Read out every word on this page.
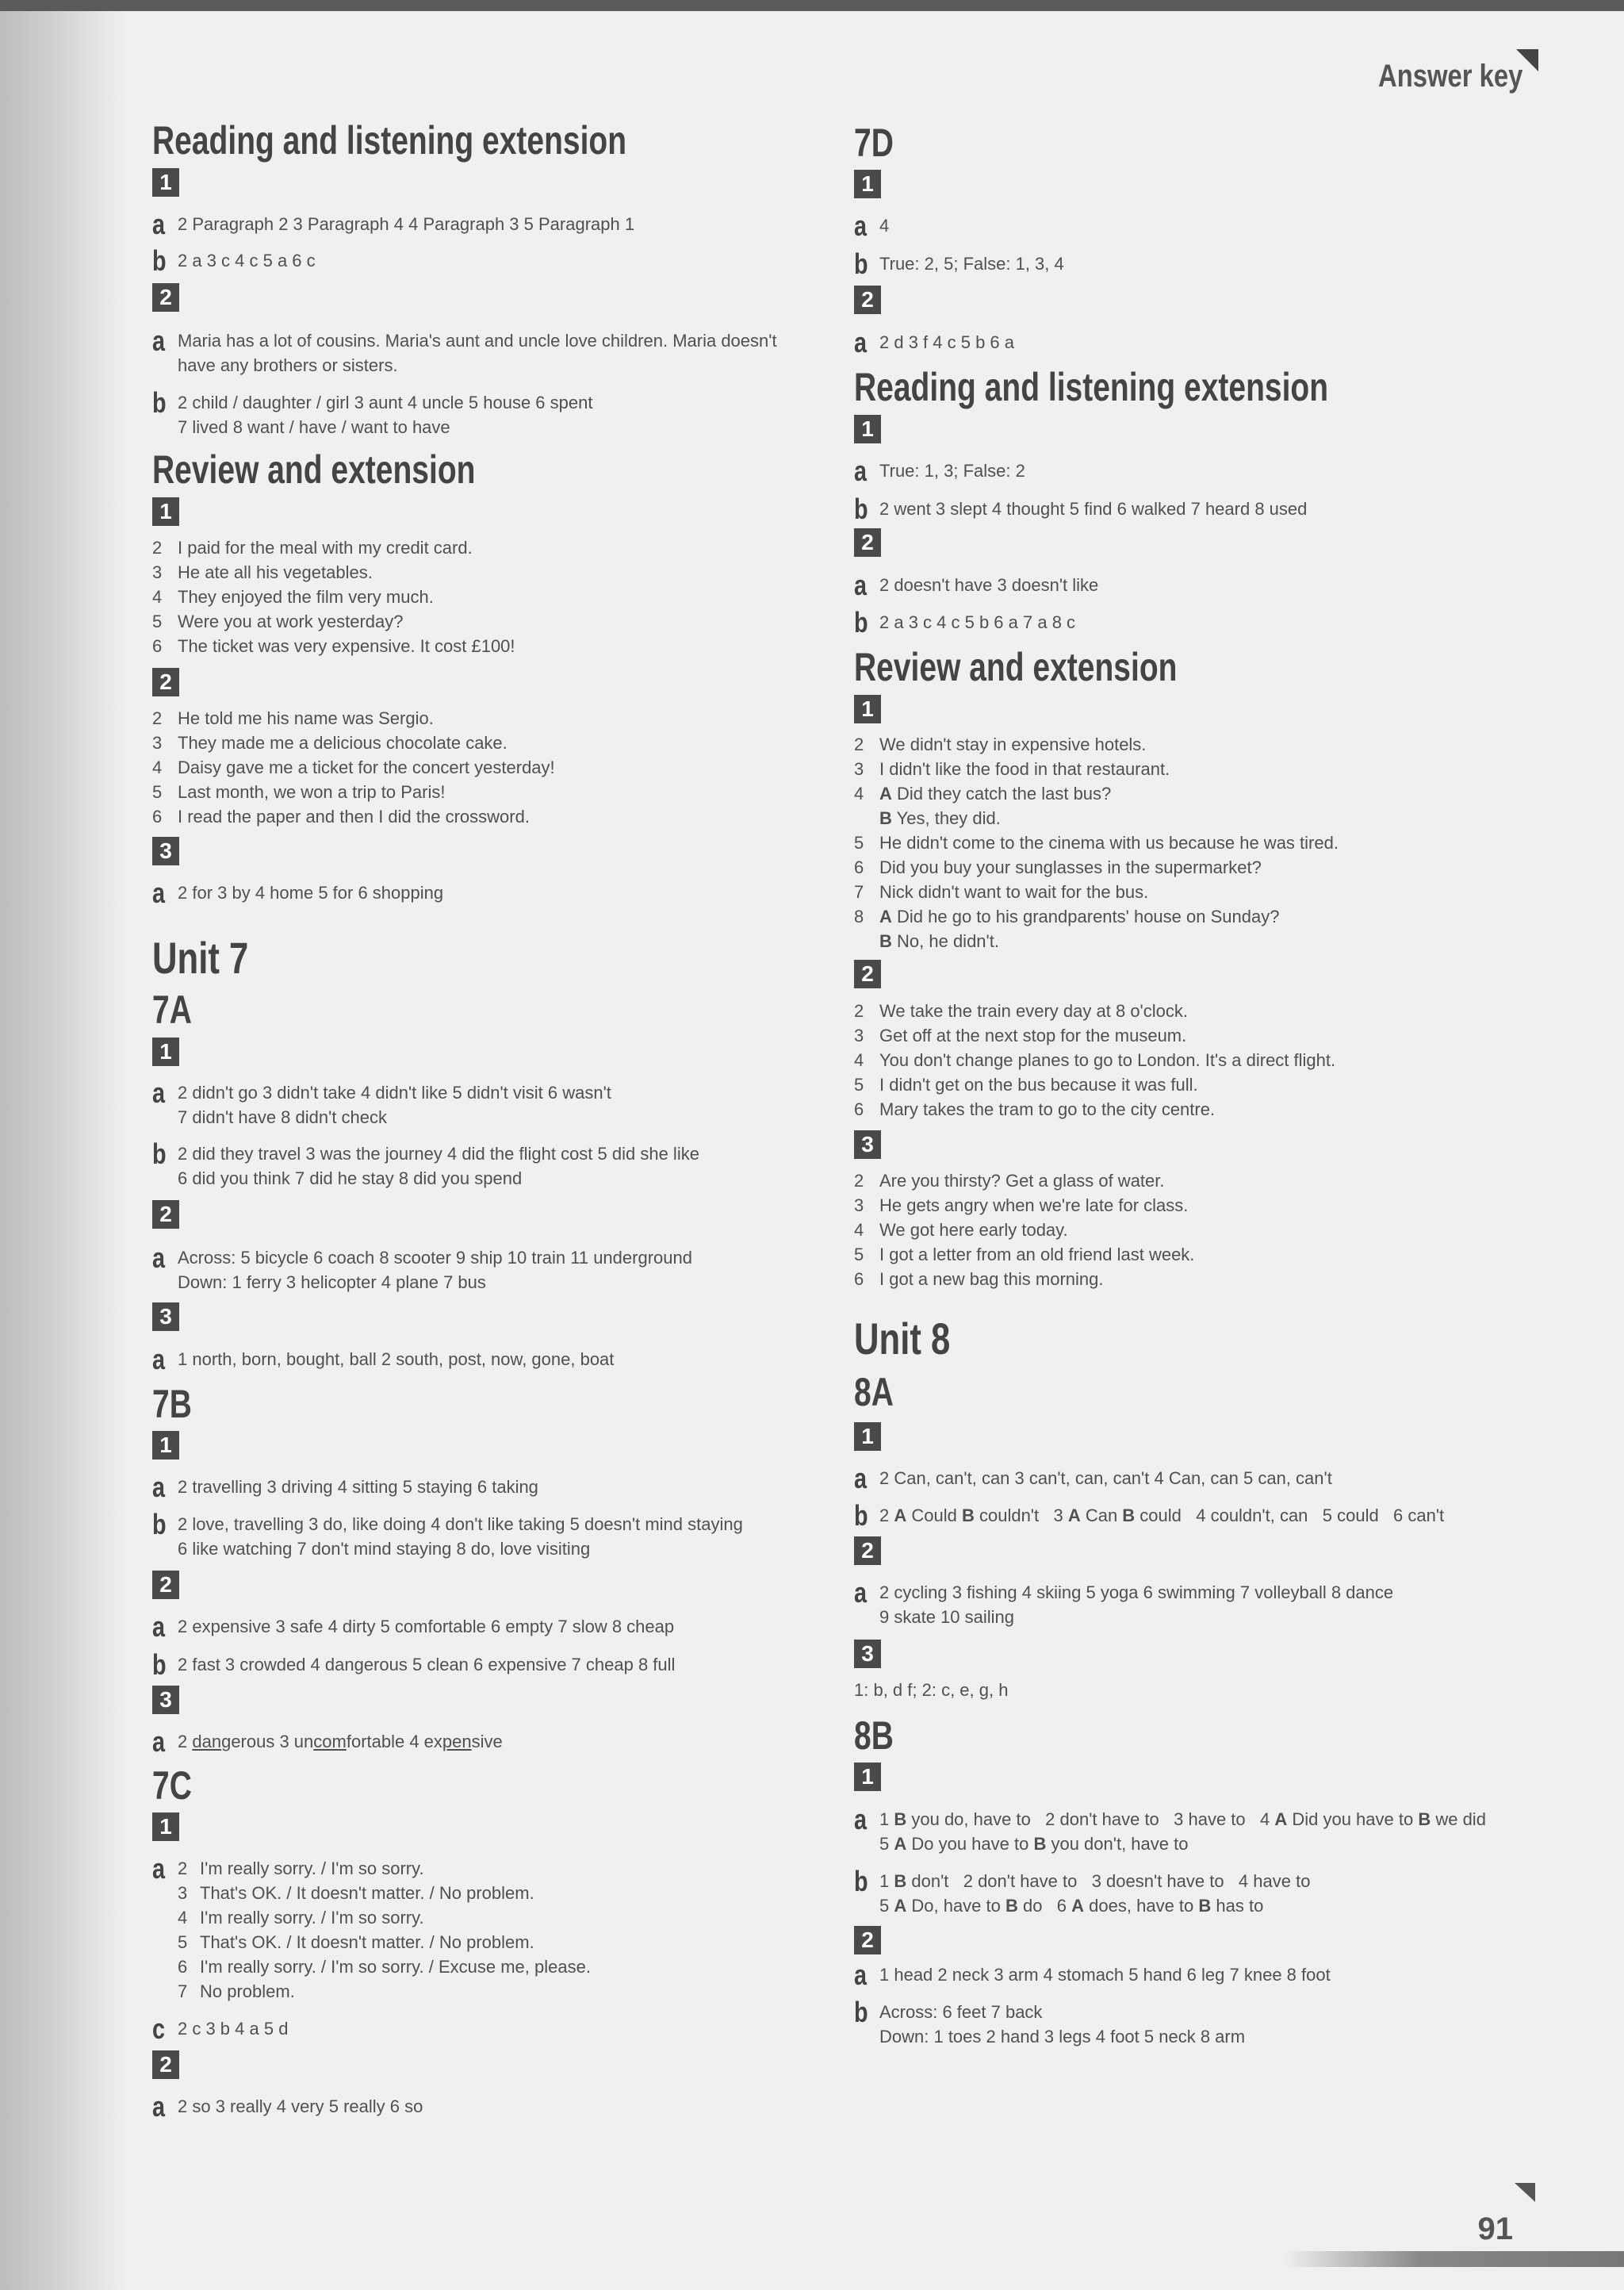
Answer key
Reading and listening extension
1
a 2 Paragraph 2 3 Paragraph 4 4 Paragraph 3 5 Paragraph 1
b 2 a 3 c 4 c 5 a 6 c
2
a Maria has a lot of cousins. Maria's aunt and uncle love children. Maria doesn't
have any brothers or sisters.
b 2 child / daughter / girl 3 aunt 4 uncle 5 house 6 spent
7 lived 8 want / have / want to have
Review and extension
1
2 I paid for the meal with my credit card.
3 He ate all his vegetables.
4 They enjoyed the film very much.
5 Were you at work yesterday?
6 The ticket was very expensive. It cost £100!
2
2 He told me his name was Sergio.
3 They made me a delicious chocolate cake.
4 Daisy gave me a ticket for the concert yesterday!
5 Last month, we won a trip to Paris!
6 I read the paper and then I did the crossword.
3
a 2 for 3 by 4 home 5 for 6 shopping
Unit 7
7A
1
a 2 didn't go 3 didn't take 4 didn't like 5 didn't visit 6 wasn't
7 didn't have 8 didn't check
b 2 did they travel 3 was the journey 4 did the flight cost 5 did she like
6 did you think 7 did he stay 8 did you spend
2
a Across: 5 bicycle 6 coach 8 scooter 9 ship 10 train 11 underground
Down: 1 ferry 3 helicopter 4 plane 7 bus
3
a 1 north, born, bought, ball 2 south, post, now, gone, boat
7B
1
a 2 travelling 3 driving 4 sitting 5 staying 6 taking
b 2 love, travelling 3 do, like doing 4 don't like taking 5 doesn't mind staying
6 like watching 7 don't mind staying 8 do, love visiting
2
a 2 expensive 3 safe 4 dirty 5 comfortable 6 empty 7 slow 8 cheap
b 2 fast 3 crowded 4 dangerous 5 clean 6 expensive 7 cheap 8 full
3
a 2 dangerous 3 uncomfortable 4 expensive
7C
1
a 2 I'm really sorry. / I'm so sorry.
3 That's OK. / It doesn't matter. / No problem.
4 I'm really sorry. / I'm so sorry.
5 That's OK. / It doesn't matter. / No problem.
6 I'm really sorry. / I'm so sorry. / Excuse me, please.
7 No problem.
c 2 c 3 b 4 a 5 d
2
a 2 so 3 really 4 very 5 really 6 so
7D
1
a 4
b True: 2, 5; False: 1, 3, 4
2
a 2 d 3 f 4 c 5 b 6 a
Reading and listening extension
1
a True: 1, 3; False: 2
b 2 went 3 slept 4 thought 5 find 6 walked 7 heard 8 used
2
a 2 doesn't have 3 doesn't like
b 2 a 3 c 4 c 5 b 6 a 7 a 8 c
Review and extension
1
2 We didn't stay in expensive hotels.
3 I didn't like the food in that restaurant.
4 A Did they catch the last bus?
B Yes, they did.
5 He didn't come to the cinema with us because he was tired.
6 Did you buy your sunglasses in the supermarket?
7 Nick didn't want to wait for the bus.
8 A Did he go to his grandparents' house on Sunday?
B No, he didn't.
2
2 We take the train every day at 8 o'clock.
3 Get off at the next stop for the museum.
4 You don't change planes to go to London. It's a direct flight.
5 I didn't get on the bus because it was full.
6 Mary takes the tram to go to the city centre.
3
2 Are you thirsty? Get a glass of water.
3 He gets angry when we're late for class.
4 We got here early today.
5 I got a letter from an old friend last week.
6 I got a new bag this morning.
Unit 8
8A
1
a 2 Can, can't, can 3 can't, can, can't 4 Can, can 5 can, can't
b 2 A Could B couldn't   3 A Can B could   4 couldn't, can   5 could   6 can't
2
a 2 cycling 3 fishing 4 skiing 5 yoga 6 swimming 7 volleyball 8 dance
9 skate 10 sailing
3
1: b, d f; 2: c, e, g, h
8B
1
a 1 B you do, have to   2 don't have to   3 have to   4 A Did you have to B we did
5 A Do you have to B you don't, have to
b 1 B don't   2 don't have to   3 doesn't have to   4 have to
5 A Do, have to B do   6 A does, have to B has to
2
a 1 head 2 neck 3 arm 4 stomach 5 hand 6 leg 7 knee 8 foot
b Across: 6 feet 7 back
Down: 1 toes 2 hand 3 legs 4 foot 5 neck 8 arm
91
